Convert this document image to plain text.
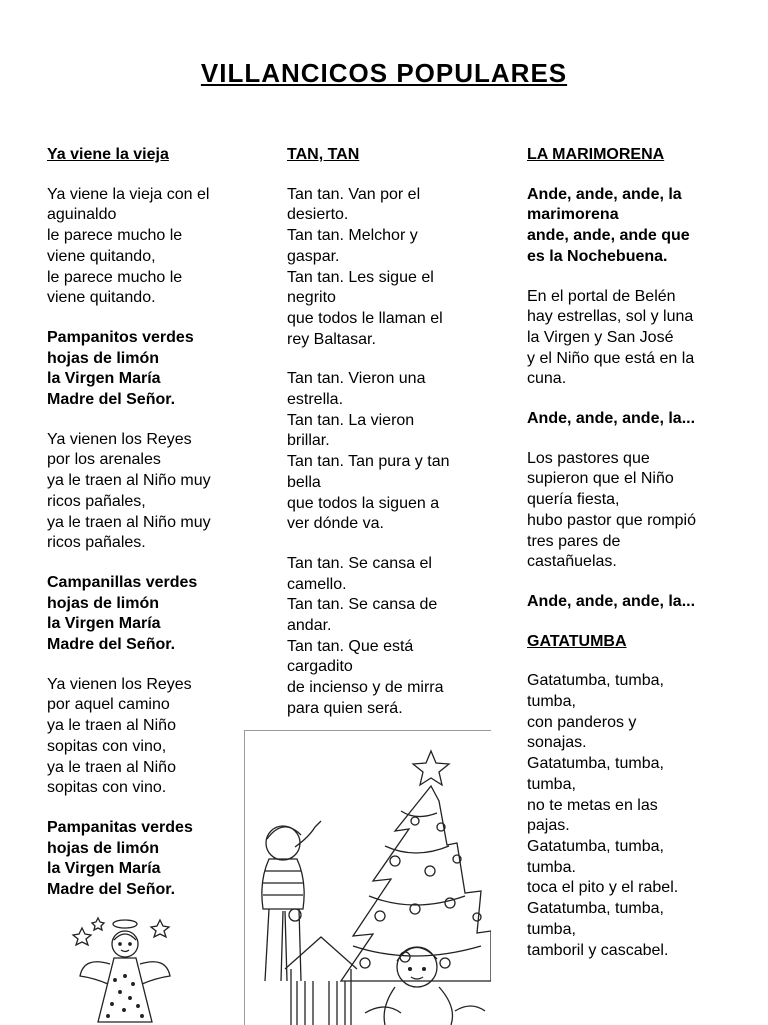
VILLANCICOS POPULARES
Ya viene la vieja
Ya viene la vieja con el
aguinaldo
le parece mucho le
viene quitando,
le parece mucho le
viene quitando.
Pampanitos verdes
hojas de limón
la Virgen María
Madre del Señor.
Ya vienen los Reyes
por los arenales
ya le traen al Niño muy
ricos pañales,
ya le traen al Niño muy
ricos pañales.
Campanillas verdes
hojas de limón
la Virgen María
Madre del Señor.
Ya vienen los Reyes
por aquel camino
ya le traen al Niño
sopitas con vino,
ya le traen al Niño
sopitas con vino.
Pampanitas verdes
hojas de limón
la Virgen María
Madre del Señor.
TAN, TAN
Tan tan. Van por el
desierto.
Tan tan. Melchor y
gaspar.
Tan tan. Les sigue el
negrito
que todos le llaman el
rey Baltasar.
Tan tan. Vieron una
estrella.
Tan tan. La vieron
brillar.
Tan tan. Tan pura y tan
bella
que todos la siguen a
ver dónde va.
Tan tan. Se cansa el
camello.
Tan tan. Se cansa de
andar.
Tan tan. Que está
cargadito
de incienso y de mirra
para quien será.
LA MARIMORENA
Ande, ande, ande, la
marimorena
ande, ande, ande que
es la Nochebuena.
En el portal de Belén
hay estrellas, sol y luna
la Virgen y San José
y el Niño que está en la
cuna.
Ande, ande, ande, la...
Los pastores que
supieron que el Niño
quería fiesta,
hubo pastor que rompió
tres pares de
castañuelas.
Ande, ande, ande, la...
GATATUMBA
Gatatumba, tumba,
tumba,
con panderos y
sonajas.
Gatatumba, tumba,
tumba,
no te metas en las
pajas.
Gatatumba, tumba,
tumba.
toca el pito y el rabel.
Gatatumba, tumba,
tumba,
tamboril y cascabel.
